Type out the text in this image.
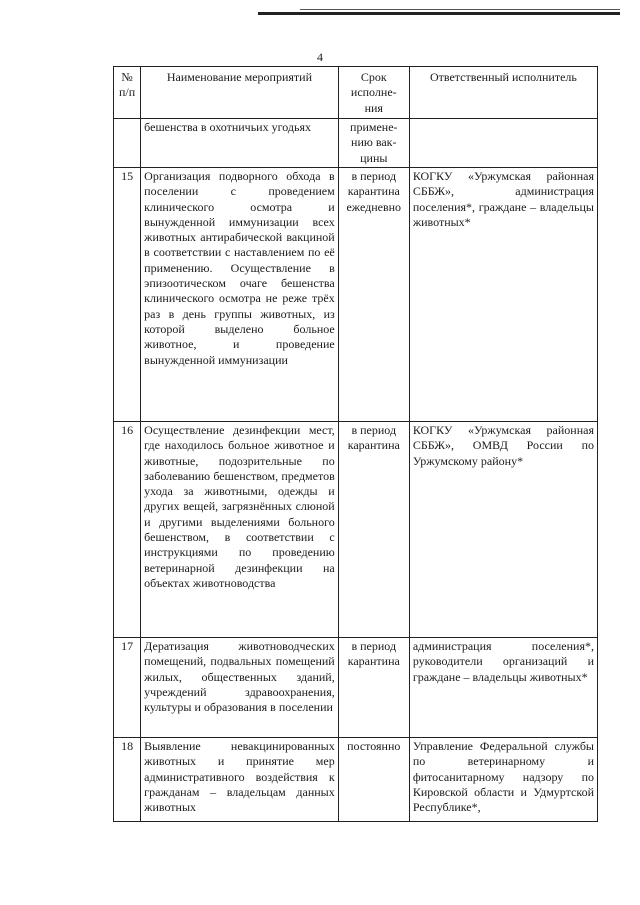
4
№ п/п	Наименование мероприятий	Срок исполне-ния	Ответственный исполнитель
	бешенства в охотничьих угодьях	примене-нию вак-цины	
15	Организация подворного обхода в поселении с проведением клинического осмотра и вынужденной иммунизации всех животных антирабической вакциной в соответствии с наставлением по её применению. Осуществление в эпизоотическом очаге бешенства клинического осмотра не реже трёх раз в день группы животных, из которой выделено больное животное, и проведение вынужденной иммунизации	в период карантина ежедневно	КОГКУ «Уржумская районная СББЖ», администрация поселения*, граждане – владельцы животных*
16	Осуществление дезинфекции мест, где находилось больное животное и животные, подозрительные по заболеванию бешенством, предметов ухода за животными, одежды и других вещей, загрязнённых слюной и другими выделениями больного бешенством, в соответствии с инструкциями по проведению ветеринарной дезинфекции на объектах животноводства	в период карантина	КОГКУ «Уржумская районная СББЖ», ОМВД России по Уржумскому району*
17	Дератизация животноводческих помещений, подвальных помещений жилых, общественных зданий, учреждений здравоохранения, культуры и образования в поселении	в период карантина	администрация поселения*, руководители организаций и граждане – владельцы животных*
18	Выявление невакцинированных животных и принятие мер административного воздействия к гражданам – владельцам данных животных	постоянно	Управление Федеральной службы по ветеринарному и фитосанитарному надзору по Кировской области и Удмуртской Республике*,
